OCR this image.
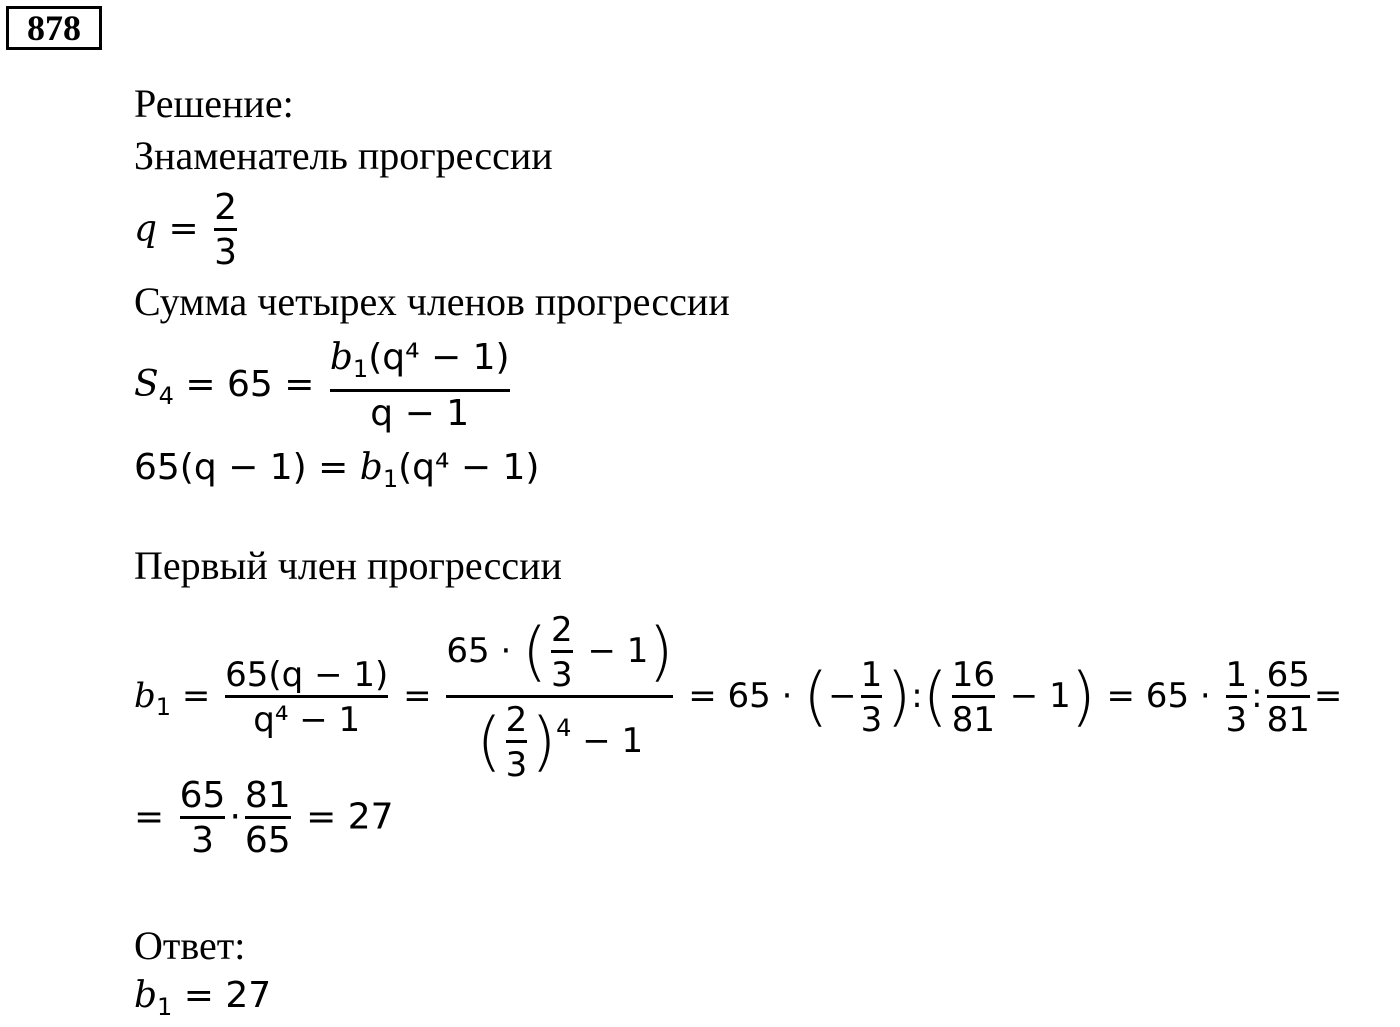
878
Решение:
Знаменатель прогрессии
$q = \frac{2}{3}$
Сумма четырех членов прогрессии
$S_4 = 65 = \frac{b_1(q^4 - 1)}{q - 1}$
$65(q - 1) = b_1(q^4 - 1)$
Первый член прогрессии
$b_1 = \frac{65(q - 1)}{\text{q⁴ − 1}} = \frac{65 \cdot ( \frac{2}{3} - 1)}{( \frac{2}{3} )^4 - 1} = 65$ · (− $\frac{1}{3}$ ):( $\frac{16}{81} - 1) = 65 \cdot \frac{1}{3}$ : $\frac{65}{81}$ =
= $\frac{65}{3} \cdot \frac{81}{65} = 27$
Ответ:
$b_1 = 27$
